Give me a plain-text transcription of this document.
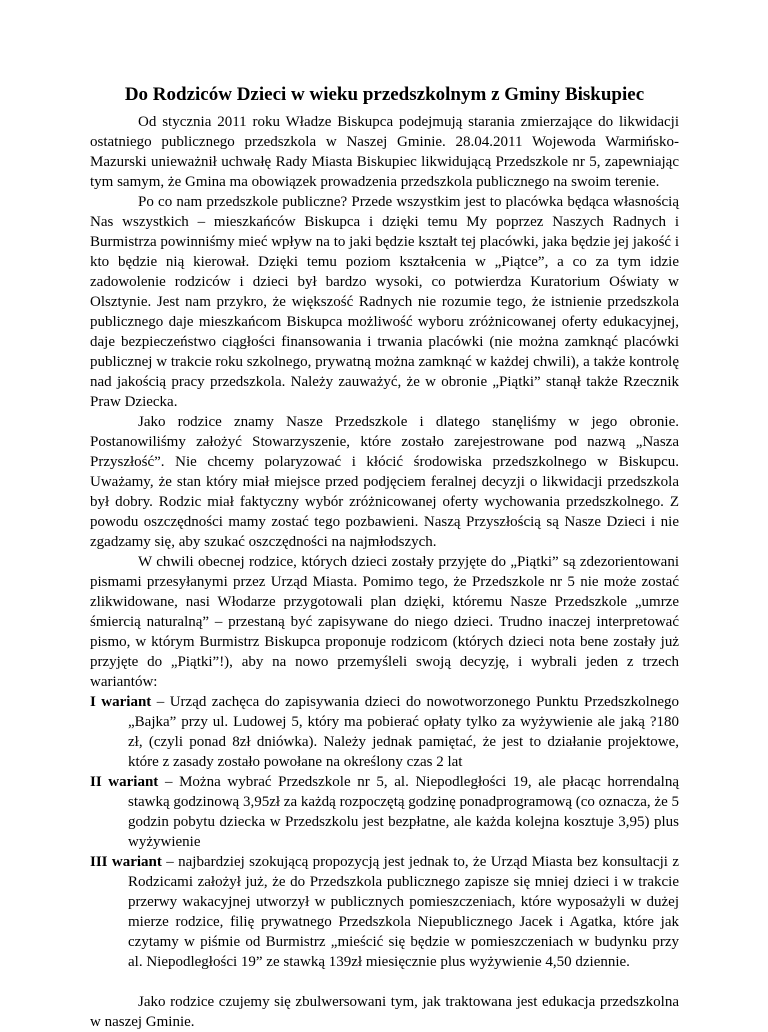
Do Rodziców Dzieci w wieku przedszkolnym z Gminy Biskupiec

Od stycznia 2011 roku Władze Biskupca podejmują starania zmierzające do likwidacji ostatniego publicznego przedszkola w Naszej Gminie. 28.04.2011 Wojewoda Warmińsko-Mazurski unieważnił uchwałę Rady Miasta Biskupiec likwidującą Przedszkole nr 5, zapewniając tym samym, że Gmina ma obowiązek prowadzenia przedszkola publicznego na swoim terenie.

Po co nam przedszkole publiczne? Przede wszystkim jest to placówka będąca własnością Nas wszystkich – mieszkańców Biskupca i dzięki temu My poprzez Naszych Radnych i Burmistrza powinniśmy mieć wpływ na to jaki będzie kształt tej placówki, jaka będzie jej jakość i kto będzie nią kierował. Dzięki temu poziom kształcenia w „Piątce”, a co za tym idzie zadowolenie rodziców i dzieci był bardzo wysoki, co potwierdza Kuratorium Oświaty w Olsztynie. Jest nam przykro, że większość Radnych nie rozumie tego, że istnienie przedszkola publicznego daje mieszkańcom Biskupca możliwość wyboru zróżnicowanej oferty edukacyjnej, daje bezpieczeństwo ciągłości finansowania i trwania placówki (nie można zamknąć placówki publicznej w trakcie roku szkolnego, prywatną można zamknąć w każdej chwili), a także kontrolę nad jakością pracy przedszkola. Należy zauważyć, że w obronie „Piątki” stanął także Rzecznik Praw Dziecka.

Jako rodzice znamy Nasze Przedszkole i dlatego stanęliśmy w jego obronie. Postanowiliśmy założyć Stowarzyszenie, które zostało zarejestrowane pod nazwą „Nasza Przyszłość”. Nie chcemy polaryzować i kłócić środowiska przedszkolnego w Biskupcu. Uważamy, że stan który miał miejsce przed podjęciem feralnej decyzji o likwidacji przedszkola był dobry. Rodzic miał faktyczny wybór zróżnicowanej oferty wychowania przedszkolnego. Z powodu oszczędności mamy zostać tego pozbawieni. Naszą Przyszłością są Nasze Dzieci i nie zgadzamy się, aby szukać oszczędności na najmłodszych.

W chwili obecnej rodzice, których dzieci zostały przyjęte do „Piątki” są zdezorientowani pismami przesyłanymi przez Urząd Miasta. Pomimo tego, że Przedszkole nr 5 nie może zostać zlikwidowane, nasi Włodarze przygotowali plan dzięki, któremu Nasze Przedszkole „umrze śmiercią naturalną” – przestaną być zapisywane do niego dzieci. Trudno inaczej interpretować pismo, w którym Burmistrz Biskupca proponuje rodzicom (których dzieci nota bene zostały już przyjęte do „Piątki”!), aby na nowo przemyśleli swoją decyzję, i wybrali jeden z trzech wariantów:

I wariant – Urząd zachęca do zapisywania dzieci do nowotworzonego Punktu Przedszkolnego „Bajka” przy ul. Ludowej 5, który ma pobierać opłaty tylko za wyżywienie ale jaką ?180 zł, (czyli ponad 8zł dniówka). Należy jednak pamiętać, że jest to działanie projektowe, które z zasady zostało powołane na określony czas 2 lat

II wariant – Można wybrać Przedszkole nr 5, al. Niepodległości 19, ale płacąc horrendalną stawką godzinową 3,95zł za każdą rozpoczętą godzinę ponadprogramową (co oznacza, że 5 godzin pobytu dziecka w Przedszkolu jest bezpłatne, ale każda kolejna kosztuje 3,95) plus wyżywienie

III wariant – najbardziej szokującą propozycją jest jednak to, że Urząd Miasta bez konsultacji z Rodzicami założył już, że do Przedszkola publicznego zapisze się mniej dzieci i w trakcie przerwy wakacyjnej utworzył w publicznych pomieszczeniach, które wyposażyli w dużej mierze rodzice, filię prywatnego Przedszkola Niepublicznego Jacek i Agatka, które jak czytamy w piśmie od Burmistrz „mieścić się będzie w pomieszczeniach w budynku przy al. Niepodległości 19” ze stawką 139zł miesięcznie plus wyżywienie 4,50 dziennie.

Jako rodzice czujemy się zbulwersowani tym, jak traktowana jest edukacja przedszkolna w naszej Gminie.
